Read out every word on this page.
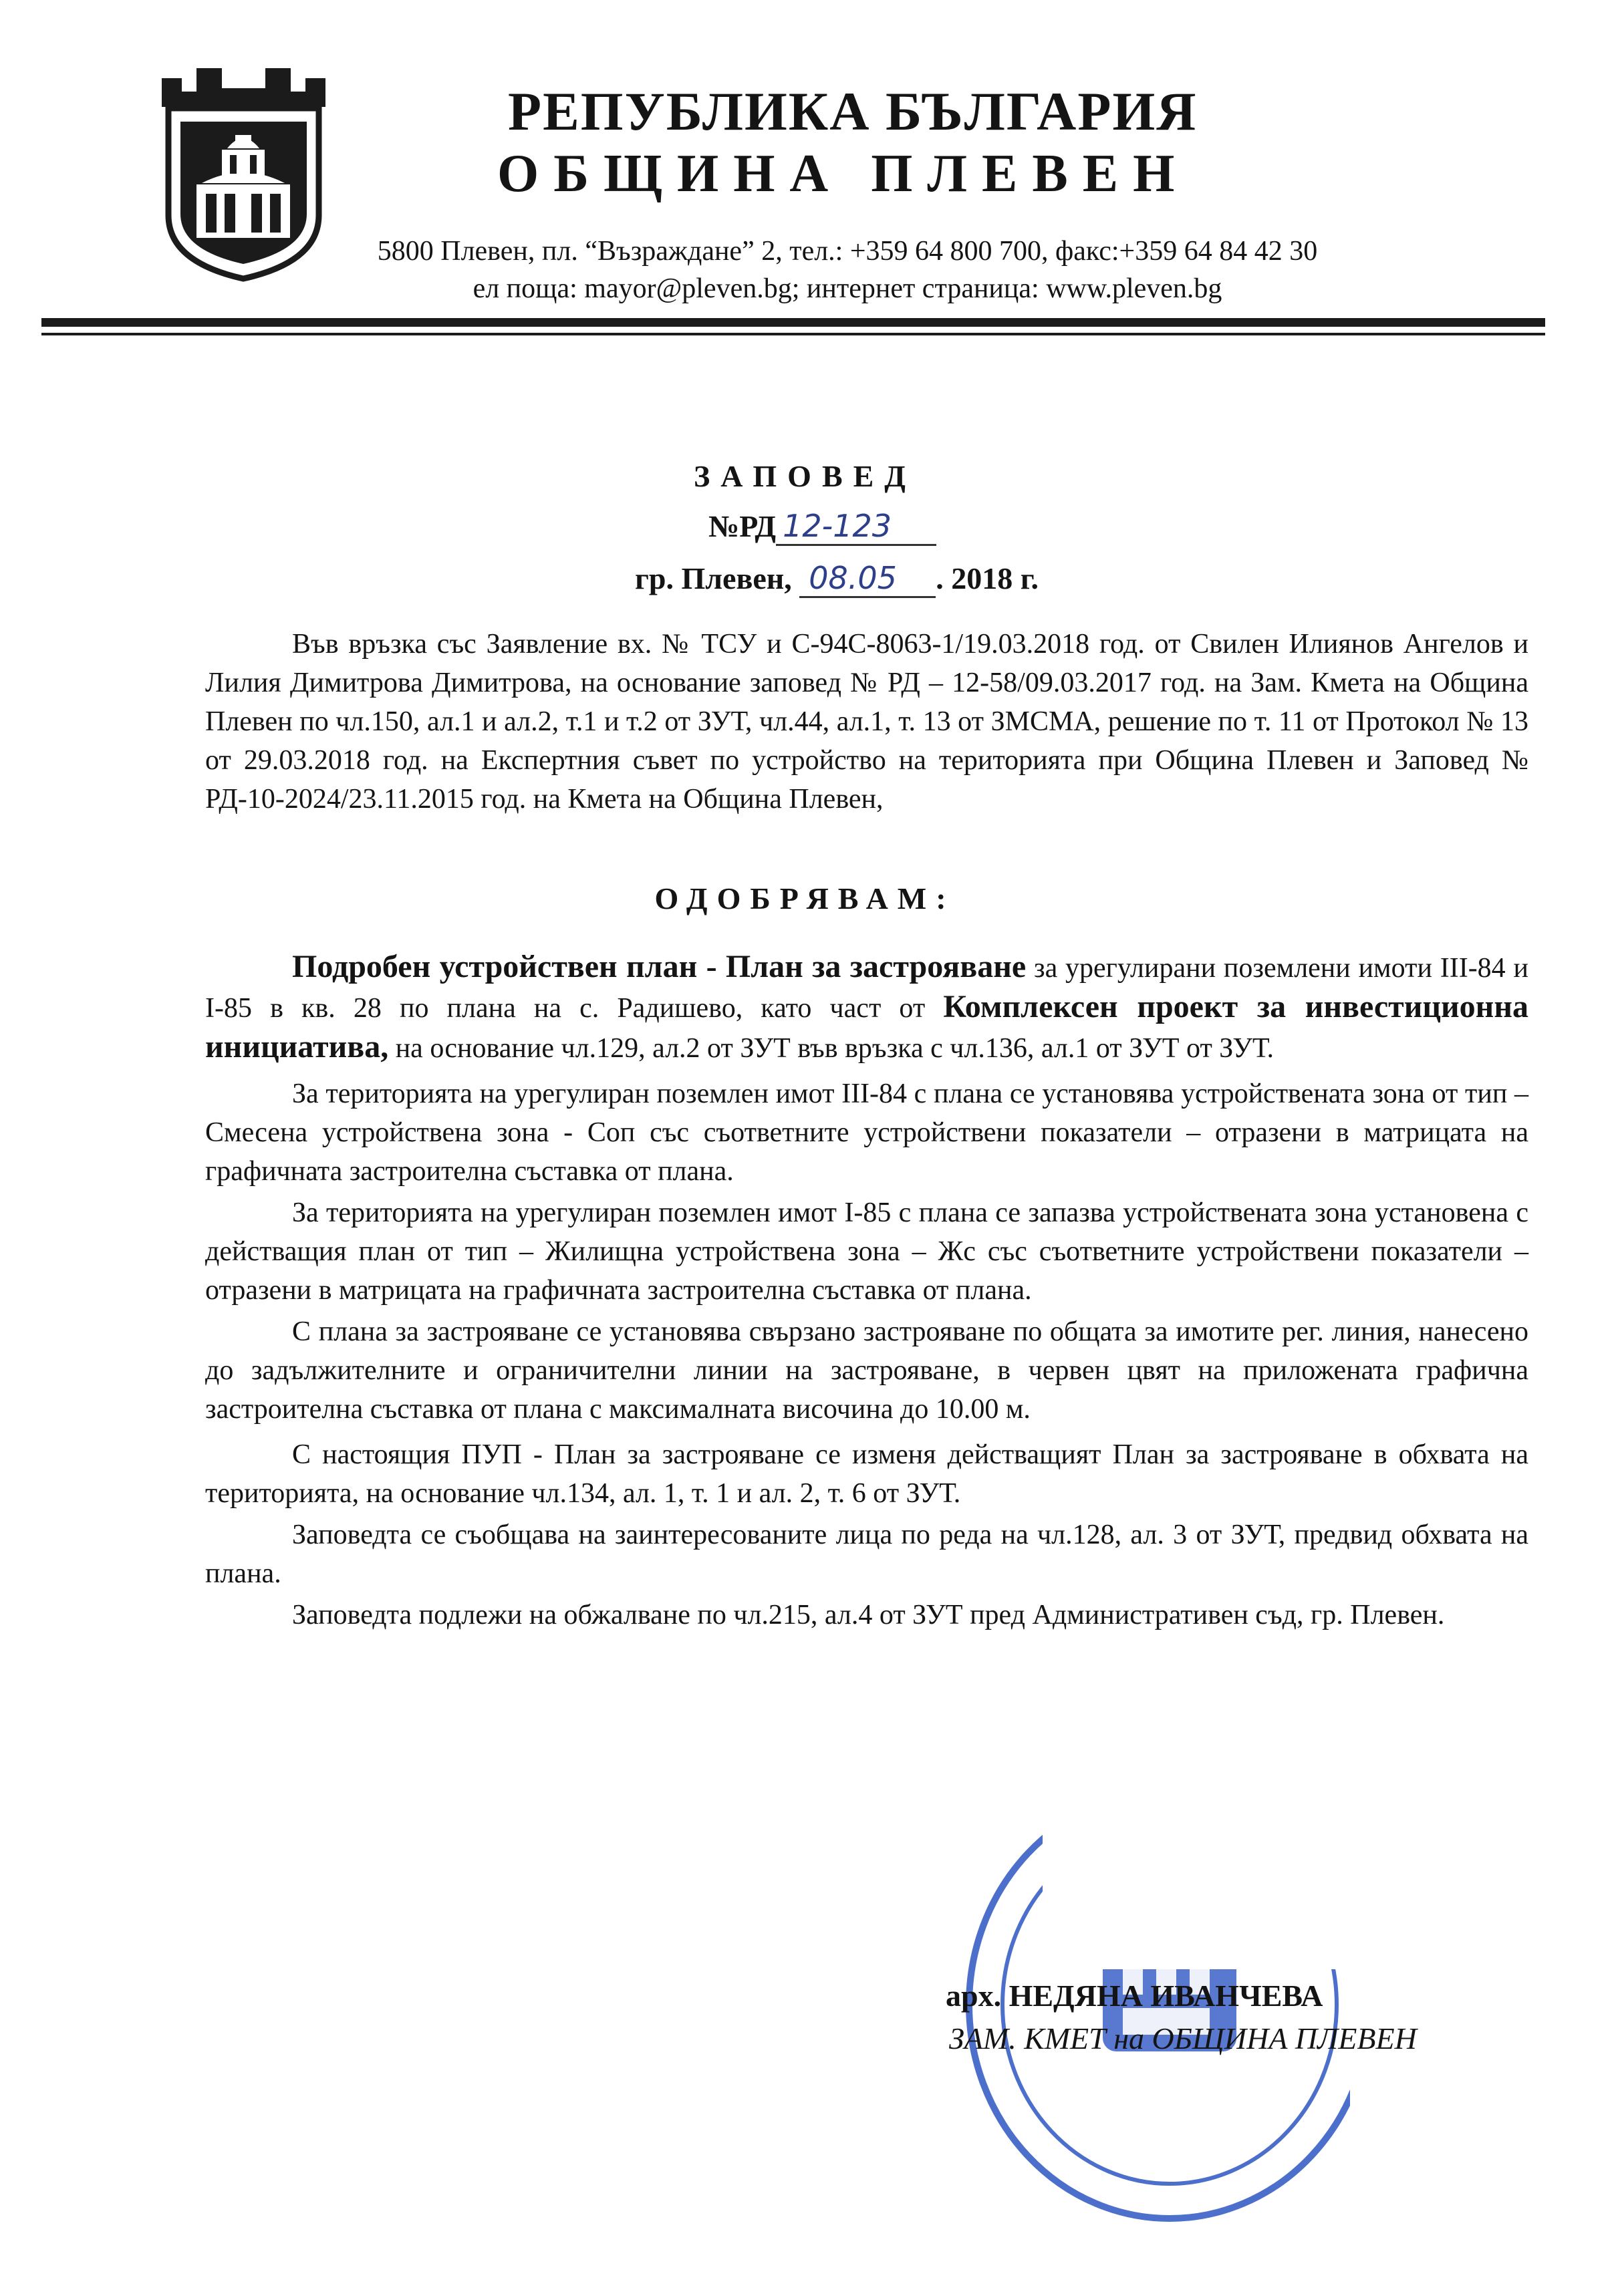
РЕПУБЛИКА БЪЛГАРИЯ
ОБЩИНА ПЛЕВЕН
5800 Плевен, пл. “Възраждане” 2, тел.: +359 64 800 700, факс:+359 64 84 42 30
ел поща: mayor@pleven.bg; интернет страница: www.pleven.bg
ЗАПОВЕД
№РД 12-123
гр. Плевен, 08.05 . 2018 г.

Във връзка със Заявление вх. № ТСУ и С-94С-8063-1/19.03.2018 год. от Свилен Илиянов Ангелов и Лилия Димитрова Димитрова, на основание заповед № РД – 12-58/09.03.2017 год. на Зам. Кмета на Община Плевен по чл.150, ал.1 и ал.2, т.1 и т.2 от ЗУТ, чл.44, ал.1, т. 13 от ЗМСМА, решение по т. 11 от Протокол № 13 от 29.03.2018 год. на Експертния съвет по устройство на територията при Община Плевен и Заповед № РД-10-2024/23.11.2015 год. на Кмета на Община Плевен,

ОДОБРЯВАМ:

Подробен устройствен план - План за застрояване за урегулирани поземлени имоти III-84 и I-85 в кв. 28 по плана на с. Радишево, като част от Комплексен проект за инвестиционна инициатива, на основание чл.129, ал.2 от ЗУТ във връзка с чл.136, ал.1 от ЗУТ от ЗУТ.

За територията на урегулиран поземлен имот III-84 с плана се установява устройствената зона от тип – Смесена устройствена зона - Соп със съответните устройствени показатели – отразени в матрицата на графичната застроителна съставка от плана.

За територията на урегулиран поземлен имот I-85 с плана се запазва устройствената зона установена с действащия план от тип – Жилищна устройствена зона – Жс със съответните устройствени показатели – отразени в матрицата на графичната застроителна съставка от плана.

С плана за застрояване се установява свързано застрояване по общата за имотите рег. линия, нанесено до задължителните и ограничителни линии на застрояване, в червен цвят на приложената графична застроителна съставка от плана с максималната височина до 10.00 м.

С настоящия ПУП - План за застрояване се изменя действащият План за застрояване в обхвата на територията, на основание чл.134, ал. 1, т. 1 и ал. 2, т. 6 от ЗУТ.

Заповедта се съобщава на заинтересованите лица по реда на чл.128, ал. 3 от ЗУТ, предвид обхвата на плана.

Заповедта подлежи на обжалване по чл.215, ал.4 от ЗУТ пред Административен съд, гр. Плевен.

арх. НЕДЯНА ИВАНЧЕВА
ЗАМ. КМЕТ на ОБЩИНА ПЛЕВЕН
